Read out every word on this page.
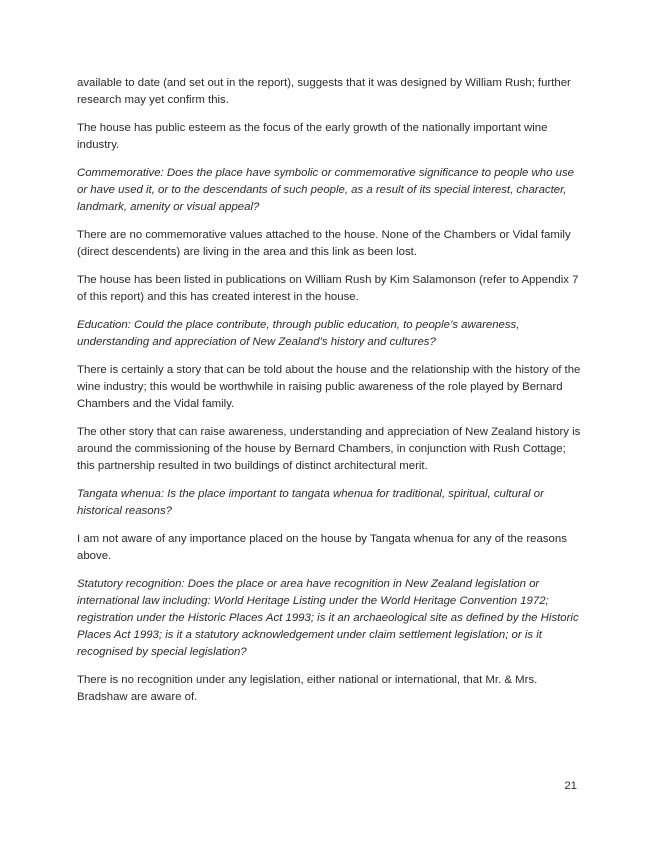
available to date (and set out in the report), suggests that it was designed by William Rush; further research may yet confirm this.

The house has public esteem as the focus of the early growth of the nationally important wine industry.

Commemorative: Does the place have symbolic or commemorative significance to people who use or have used it, or to the descendants of such people, as a result of its special interest, character, landmark, amenity or visual appeal?

There are no commemorative values attached to the house. None of the Chambers or Vidal family (direct descendents) are living in the area and this link as been lost.

The house has been listed in publications on William Rush by Kim Salamonson (refer to Appendix 7 of this report) and this has created interest in the house.

Education: Could the place contribute, through public education, to people’s awareness, understanding and appreciation of New Zealand’s history and cultures?

There is certainly a story that can be told about the house and the relationship with the history of the wine industry; this would be worthwhile in raising public awareness of the role played by Bernard Chambers and the Vidal family.

The other story that can raise awareness, understanding and appreciation of New Zealand history is around the commissioning of the house by Bernard Chambers, in conjunction with Rush Cottage; this partnership resulted in two buildings of distinct architectural merit.

Tangata whenua: Is the place important to tangata whenua for traditional, spiritual, cultural or historical reasons?

I am not aware of any importance placed on the house by Tangata whenua for any of the reasons above.

Statutory recognition: Does the place or area have recognition in New Zealand legislation or international law including: World Heritage Listing under the World Heritage Convention 1972; registration under the Historic Places Act 1993; is it an archaeological site as defined by the Historic Places Act 1993; is it a statutory acknowledgement under claim settlement legislation; or is it recognised by special legislation?

There is no recognition under any legislation, either national or international, that Mr. & Mrs. Bradshaw are aware of.

21
